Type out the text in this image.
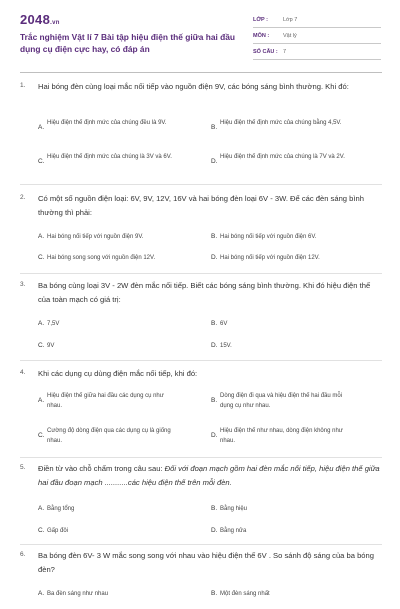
2048.vn
Trắc nghiệm Vật lí 7 Bài tập hiệu điện thế giữa hai đầu dụng cụ điện cực hay, có đáp án
LỚP :	Lớp 7
MÔN :	Vật lý
SỐ CÂU : 7
1. Hai bóng đèn cùng loại mắc nối tiếp vào nguồn điện 9V, các bóng sáng bình thường. Khi đó:
A.
Hiệu điện thế định mức của chúng đều là 9V.
B.
Hiệu điện thế định mức của chúng bằng 4,5V.
C.
Hiệu điện thế định mức của chúng là 3V và 6V.
D.
Hiệu điện thế định mức của chúng là 7V và 2V.
2. Có một số nguồn điện loại: 6V, 9V, 12V, 16V và hai bóng đèn loại 6V - 3W. Để các đèn sáng bình thường thì phải:
A. Hai bóng nối tiếp với nguồn điện 9V.	B. Hai bóng nối tiếp với nguồn điện 6V.
C. Hai bóng song song với nguồn điện 12V.	D. Hai bóng nối tiếp với nguồn điện 12V.
3. Ba bóng cùng loại 3V - 2W đèn mắc nối tiếp. Biết các bóng sáng bình thường. Khi đó hiệu điện thế của toàn mạch có giá trị:
A. 7,5V	B. 6V
C. 9V	D. 15V.
4. Khi các dụng cụ dùng điện mắc nối tiếp, khi đó:
A.
Hiệu điện thế giữa hai đầu các dụng cụ như nhau.
B.
Dòng điện đi qua và hiệu điện thế hai đầu mỗi dụng cụ như nhau.
C.
Cường độ dòng điện qua các dụng cụ là giống nhau.
D.
Hiệu điện thế như nhau, dòng điện không như nhau.
5. Điền từ vào chỗ chấm trong câu sau: Đối với đoạn mạch gồm hai đèn mắc nối tiếp, hiệu điện thế giữa hai đầu đoạn mạch ...........các hiệu điện thế trên mỗi đèn.
A. Bằng tổng	B. Bằng hiệu
C. Gấp đôi	D. Bằng nửa
6. Ba bóng đèn 6V- 3 W mắc song song với nhau vào hiệu điện thế 6V . So sánh độ sáng của ba bóng đèn?
A. Ba đèn sáng như nhau	B. Một đèn sáng nhất
